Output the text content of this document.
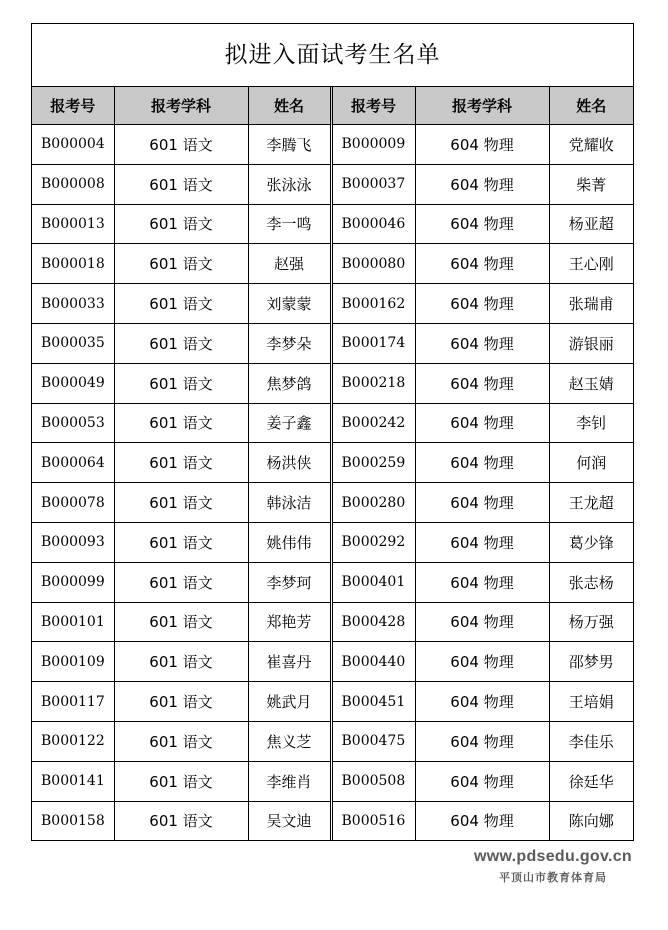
拟进入面试考生名单
报考号	报考学科	姓名	报考号	报考学科	姓名
B000004	601 语文	李腾飞	B000009	604 物理	党耀收
B000008	601 语文	张泳泳	B000037	604 物理	柴菁
B000013	601 语文	李一鸣	B000046	604 物理	杨亚超
B000018	601 语文	赵强	B000080	604 物理	王心刚
B000033	601 语文	刘蒙蒙	B000162	604 物理	张瑞甫
B000035	601 语文	李梦朵	B000174	604 物理	游银丽
B000049	601 语文	焦梦鸽	B000218	604 物理	赵玉婧
B000053	601 语文	姜子鑫	B000242	604 物理	李钊
B000064	601 语文	杨洪侠	B000259	604 物理	何润
B000078	601 语文	韩泳洁	B000280	604 物理	王龙超
B000093	601 语文	姚伟伟	B000292	604 物理	葛少锋
B000099	601 语文	李梦珂	B000401	604 物理	张志杨
B000101	601 语文	郑艳芳	B000428	604 物理	杨万强
B000109	601 语文	崔喜丹	B000440	604 物理	邵梦男
B000117	601 语文	姚武月	B000451	604 物理	王培娟
B000122	601 语文	焦义芝	B000475	604 物理	李佳乐
B000141	601 语文	李维肖	B000508	604 物理	徐廷华
B000158	601 语文	吴文迪	B000516	604 物理	陈向娜
www.pdsedu.gov.cn
平顶山市教育体育局
